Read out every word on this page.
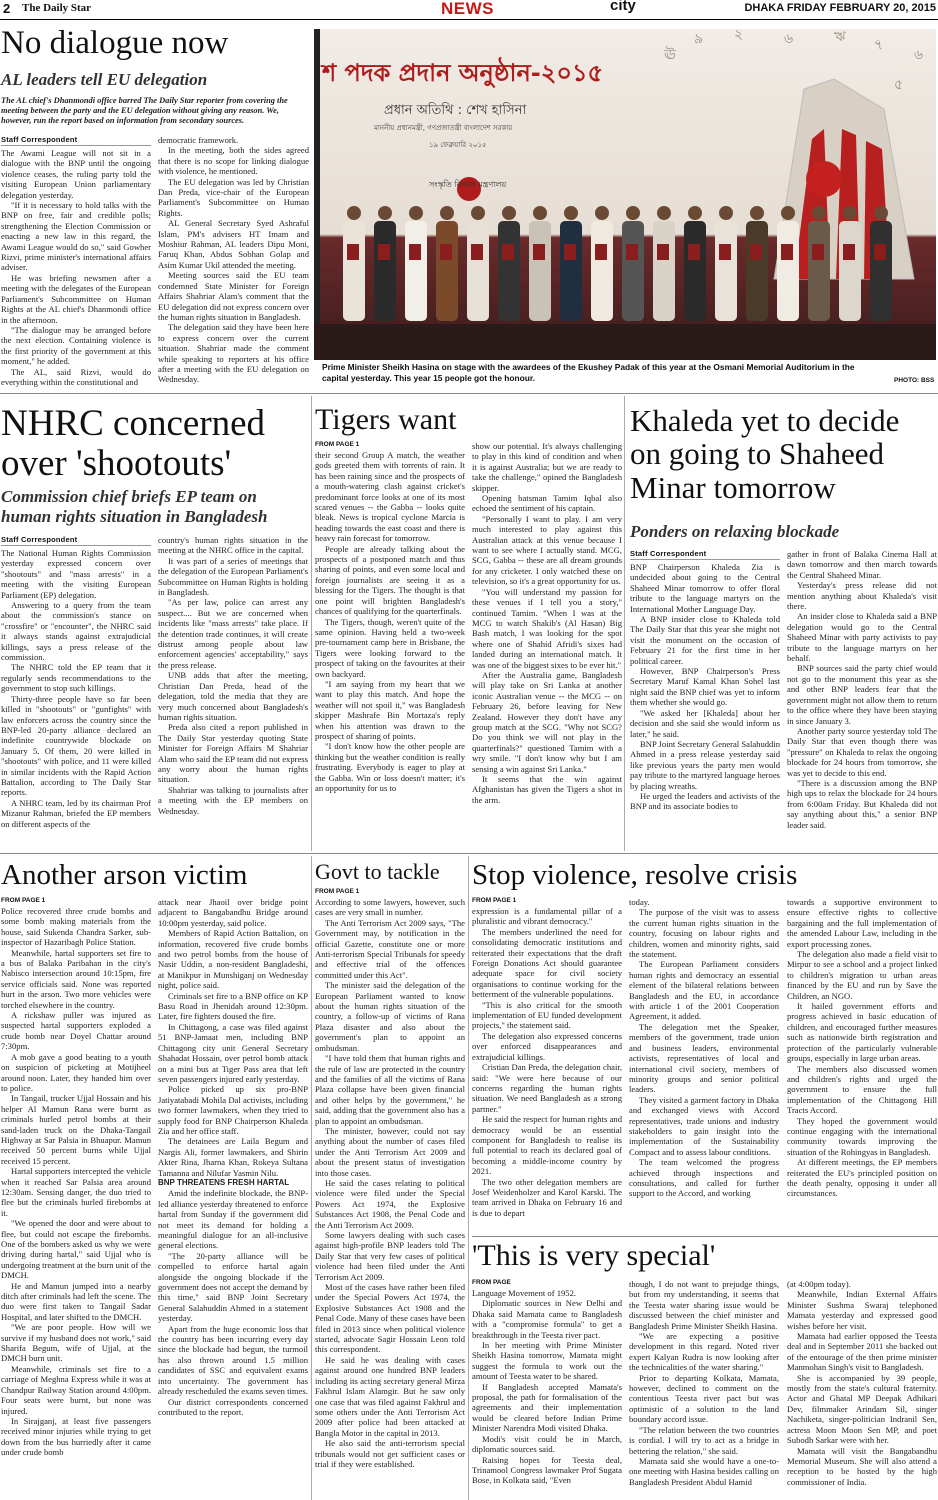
2 The Daily Star	NEWS	city	DHAKA FRIDAY FEBRUARY 20, 2015
No dialogue now
AL leaders tell EU delegation
The AL chief's Dhanmondi office barred The Daily Star reporter from covering the meeting between the party and the EU delegation without giving any reason. We, however, run the report based on information from secondary sources.
Staff Correspondent

The Awami League will not sit in a dialogue with the BNP until the ongoing violence ceases, the ruling party told the visiting European Union parliamentary delegation yesterday.

"If it is necessary to hold talks with the BNP on free, fair and credible polls; strengthening the Election Commission or enacting a new law in this regard, the Awami League would do so," said Gowher Rizvi, prime minister's international affairs adviser.

He was briefing newsmen after a meeting with the delegates of the European Parliament's Subcommittee on Human Rights at the AL chief's Dhanmondi office in the afternoon.

"The dialogue may be arranged before the next election. Containing violence is the first priority of the government at this moment," he added.

The AL, said Rizvi, would do everything within the constitutional and

democratic framework.

In the meeting, both the sides agreed that there is no scope for linking dialogue with violence, he mentioned.

The EU delegation was led by Christian Dan Preda, vice-chair of the European Parliament's Subcommittee on Human Rights.

AL General Secretary Syed Ashraful Islam, PM's advisers HT Imam and Moshiur Rahman, AL leaders Dipu Moni, Faruq Khan, Abdus Sobhan Golap and Asim Kumar Ukil attended the meeting.

Meeting sources said the EU team condemned State Minister for Foreign Affairs Shahriar Alam's comment that the EU delegation did not express concern over the human rights situation in Bangladesh.

The delegation said they have been here to express concern over the current situation. Shahriar made the comment while speaking to reporters at his office after a meeting with the EU delegation on Wednesday.

৯ ২	৬	ঋ ৭
৬
৫
ঊ
শ পদক প্রদান অনুষ্ঠান-২০১৫
প্রধান অতিথি : শেখ হাসিনা
মাননীয় প্রধানমন্ত্রী, গণপ্রজাতন্ত্রী বাংলাদেশ সরকার
১৯ ফেব্রুয়ারি ২০১৫
সংস্কৃতি বিষয়ক মন্ত্রণালয়
Prime Minister Sheikh Hasina on stage with the awardees of the Ekushey Padak of this year at the Osmani Memorial Auditorium in the capital yesterday. This year 15 people got the honour.	PHOTO: BSS
NHRC concerned over 'shootouts'
Commission chief briefs EP team on human rights situation in Bangladesh
Staff Correspondent

The National Human Rights Commission yesterday expressed concern over "shootouts" and "mass arrests" in a meeting with the visiting European Parliament (EP) delegation.

Answering to a query from the team about the commission's stance on "crossfire" or "encounter", the NHRC said it always stands against extrajudicial killings, says a press release of the commission.

The NHRC told the EP team that it regularly sends recommendations to the government to stop such killings.

Thirty-three people have so far been killed in "shootouts" or "gunfights" with law enforcers across the country since the BNP-led 20-party alliance declared an indefinite countrywide blockade on January 5. Of them, 20 were killed in "shootouts" with police, and 11 were killed in similar incidents with the Rapid Action Battalion, according to The Daily Star reports.

A NHRC team, led by its chairman Prof Mizanur Rahman, briefed the EP members on different aspects of the

country's human rights situation in the meeting at the NHRC office in the capital.

It was part of a series of meetings that the delegation of the European Parliament's Subcommittee on Human Rights is holding in Bangladesh.

"As per law, police can arrest any suspect.... But we are concerned when incidents like "mass arrests" take place. If the detention trade continues, it will create distrust among people about law enforcement agencies' acceptability," says the press release.

UNB adds that after the meeting, Christian Dan Preda, head of the delegation, told the media that they are very much concerned about Bangladesh's human rights situation.

Preda also cited a report published in The Daily Star yesterday quoting State Minister for Foreign Affairs M Shahriar Alam who said the EP team did not express any worry about the human rights situation.

Shahriar was talking to journalists after a meeting with the EP members on Wednesday.

Tigers want
FROM PAGE 1

their second Group A match, the weather gods greeted them with torrents of rain. It has been raining since and the prospects of a mouth-watering clash against cricket's predominant force looks at one of its most scared venues -- the Gabba -- looks quite bleak. News is tropical cyclone Marcia is heading towards the east coast and there is heavy rain forecast for tomorrow.

People are already talking about the prospects of a postponed match and thus sharing of points, and even some local and foreign journalists are seeing it as a blessing for the Tigers. The thought is that one point will brighten Bangladesh's chances of qualifying for the quarterfinals.

The Tigers, though, weren't quite of the same opinion. Having held a two-week pre-tournament camp here in Brisbane, the Tigers were looking forward to the prospect of taking on the favourites at their own backyard.

"I am saying from my heart that we want to play this match. And hope the weather will not spoil it," was Bangladesh skipper Mashrafe Bin Mortaza's reply when his attention was drawn to the prospect of sharing of points.

"I don't know how the other people are thinking but the weather condition is really frustrating. Everybody is eager to play at the Gabba. Win or loss doesn't matter; it's an opportunity for us to

show our potential. It's always challenging to play in this kind of condition and when it is against Australia; but we are ready to take the challenge," opined the Bangladesh skipper.

Opening batsman Tamim Iqbal also echoed the sentiment of his captain.

"Personally I want to play. I am very much interested to play against this Australian attack at this venue because I want to see where I actually stand. MCG, SCG, Gabba -- these are all dream grounds for any cricketer. I only watched these on television, so it's a great opportunity for us.

"You will understand my passion for these venues if I tell you a story," continued Tamim. "When I was at the MCG to watch Shakib's (Al Hasan) Big Bash match, I was looking for the spot where one of Shahid Afridi's sixes had landed during an international match. It was one of the biggest sixes to be ever hit."

After the Australia game, Bangladesh will play take on Sri Lanka at another iconic Australian venue -- the MCG -- on February 26, before leaving for New Zealand. However they don't have any group match at the SCG. "Why not SCG? Do you think we will not play in the quarterfinals?" questioned Tamim with a wry smile. "I don't know why but I am sensing a win against Sri Lanka."

It seems that the win against Afghanistan has given the Tigers a shot in the arm.

Khaleda yet to decide on going to Shaheed Minar tomorrow
Ponders on relaxing blockade
Staff Correspondent

BNP Chairperson Khaleda Zia is undecided about going to the Central Shaheed Minar tomorrow to offer floral tribute to the language martyrs on the International Mother Language Day.

A BNP insider close to Khaleda told The Daily Star that this year she might not visit the monument on the occasion of February 21 for the first time in her political career.

However, BNP Chairperson's Press Secretary Maruf Kamal Khan Sohel last night said the BNP chief was yet to inform them whether she would go.

"We asked her [Khaleda] about her decision and she said she would inform us later," he said.

BNP Joint Secretary General Salahuddin Ahmed in a press release yesterday said like previous years the party men would pay tribute to the martyred language heroes by placing wreaths.

He urged the leaders and activists of the BNP and its associate bodies to

gather in front of Balaka Cinema Hall at dawn tomorrow and then march towards the Central Shaheed Minar.

Yesterday's press release did not mention anything about Khaleda's visit there.

An insider close to Khaleda said a BNP delegation would go to the Central Shaheed Minar with party activists to pay tribute to the language martyrs on her behalf.

BNP sources said the party chief would not go to the monument this year as she and other BNP leaders fear that the government might not allow them to return to the office where they have been staying in since January 3.

Another party source yesterday told The Daily Star that even though there was "pressure" on Khaleda to relax the ongoing blockade for 24 hours from tomorrow, she was yet to decide to this end.

"There is a discussion among the BNP high ups to relax the blockade for 24 hours from 6:00am Friday. But Khaleda did not say anything about this," a senior BNP leader said.

Another arson victim
FROM PAGE 1

Police recovered three crude bombs and some bomb making materials from the house, said Sukenda Chandra Sarker, sub-inspector of Hazaribagh Police Station.

Meanwhile, hartal supporters set fire to a bus of Balaka Paribahan in the city's Nabisco intersection around 10:15pm, fire service officials said. None was reported hurt in the arson. Two more vehicles were torched elsewhere in the country.

A rickshaw puller was injured as suspected hartal supporters exploded a crude bomb near Doyel Chattar around 7:30pm.

A mob gave a good beating to a youth on suspicion of picketing at Motijheel around noon. Later, they handed him over to police.

In Tangail, trucker Ujjal Hossain and his helper Al Mamun Rana were burnt as criminals hurled petrol bombs at their sand-laden truck on the Dhaka-Tangail Highway at Sar Palsia in Bhuapur. Mamun received 50 percent burns while Ujjal received 15 percent.

Hartal supporters intercepted the vehicle when it reached Sar Palsia area around 12:30am. Sensing danger, the duo tried to flee but the criminals hurled firebombs at it.

"We opened the door and were about to flee, but could not escape the firebombs. One of the bombers asked us why we were driving during hartal," said Ujjal who is undergoing treatment at the burn unit of the DMCH.

He and Mamun jumped into a nearby ditch after criminals had left the scene. The duo were first taken to Tangail Sadar Hospital, and later shifted to the DMCH.

"We are poor people. How will we survive if my husband does not work," said Sharifa Begum, wife of Ujjal, at the DMCH burn unit.

Meanwhile, criminals set fire to a carriage of Meghna Express while it was at Chandpur Railway Station around 4:00pm. Four seats were burnt, but none was injured.

In Sirajganj, at least five passengers received minor injuries while trying to get down from the bus hurriedly after it came under crude bomb

attack near Jhaoil over bridge point adjacent to Bangabandhu Bridge around 10:00pm yesterday, said police.

Members of Rapid Action Battalion, on information, recovered five crude bombs and two petrol bombs from the house of Nasir Uddin, a non-resident Bangladeshi, at Manikpur in Munshiganj on Wednesday night, police said.

Criminals set fire to a BNP office on KP Basu Road in Jhenidah around 12:30pm. Later, fire fighters doused the fire.

In Chittagong, a case was filed against 51 BNP-Jamaat men, including BNP Chittagong city unit General Secretary Shahadat Hossain, over petrol bomb attack on a mini bus at Tiger Pass area that left seven passengers injured early yesterday.

Police picked up six pro-BNP Jatiyatabadi Mohila Dal activists, including two former lawmakers, when they tried to supply food for BNP Chairperson Khaleda Zia and her office staff.

The detainees are Laila Begum and Nargis Ali, former lawmakers, and Shirin Akter Rina, Jharna Khan, Rokeya Sultana Tamanna and Nilufar Yasmin Nilu.

BNP THREATENS FRESH HARTAL

Amid the indefinite blockade, the BNP-led alliance yesterday threatened to enforce hartal from Sunday if the government did not meet its demand for holding a meaningful dialogue for an all-inclusive general elections.

"The 20-party alliance will be compelled to enforce hartal again alongside the ongoing blockade if the government does not accept the demand by this time," said BNP Joint Secretary General Salahuddin Ahmed in a statement yesterday.

Apart from the huge economic loss that the country has been incurring every day since the blockade had begun, the turmoil has also thrown around 1.5 million candidates of SSC and equivalent exams into uncertainty. The government has already rescheduled the exams seven times.

Our district correspondents concerned contributed to the report.

Govt to tackle
FROM PAGE 1

According to some lawyers, however, such cases are very small in number.

The Anti Terrorism Act 2009 says, "The Government may, by notification in the official Gazette, constitute one or more Anti-terrorism Special Tribunals for speedy and effective trial of the offences committed under this Act".

The minister said the delegation of the European Parliament wanted to know about the human rights situation of the country, a follow-up of victims of Rana Plaza disaster and also about the government's plan to appoint an ombudsman.

"I have told them that human rights and the rule of law are protected in the country and the families of all the victims of Rana Plaza collapse have been given financial and other helps by the government," he said, adding that the government also has a plan to appoint an ombudsman.

The minister, however, could not say anything about the number of cases filed under the Anti Terrorism Act 2009 and about the present status of investigation into those cases.

He said the cases relating to political violence were filed under the Special Powers Act 1974, the Explosive Substances Act 1908, the Penal Code and the Anti Terrorism Act 2009.

Some lawyers dealing with such cases against high-profile BNP leaders told The Daily Star that very few cases of political violence had been filed under the Anti Terrorism Act 2009.

Most of the cases have rather been filed under the Special Powers Act 1974, the Explosive Substances Act 1908 and the Penal Code. Many of these cases have been filed in 2013 since when political violence started, advocate Sagir Hossain Leon told this correspondent.

He said he was dealing with cases against around one hundred BNP leaders including its acting secretary general Mirza Fakhrul Islam Alamgir. But he saw only one case that was filed against Fakhrul and some others under the Anti Terrorism Act 2009 after police had been attacked at Bangla Motor in the capital in 2013.

He also said the anti-terrorism special tribunals would not get sufficient cases or trial if they were established.

Stop violence, resolve crisis
FROM PAGE 1

expression is a fundamental pillar of a pluralistic and vibrant democracy."

The members underlined the need for consolidating democratic institutions and reiterated their expectations that the draft Foreign Donations Act should guarantee adequate space for civil society organisations to continue working for the betterment of the vulnerable populations.

"This is also critical for the smooth implementation of EU funded development projects," the statement said.

The delegation also expressed concerns over enforced disappearances and extrajudicial killings.

Cristian Dan Preda, the delegation chair, said: "We were here because of our concerns regarding the human rights situation. We need Bangladesh as a strong partner."

He said the respect for human rights and democracy would be an essential component for Bangladesh to realise its full potential to reach its declared goal of becoming a middle-income country by 2021.

The two other delegation members are Josef Weidenholzer and Karol Karski. The team arrived in Dhaka on February 16 and is due to depart

today.

The purpose of the visit was to assess the current human rights situation in the country, focusing on labour rights and children, women and minority rights, said the statement.

The European Parliament considers human rights and democracy an essential element of the bilateral relations between Bangladesh and the EU, in accordance with article 1 of the 2001 Cooperation Agreement, it added.

The delegation met the Speaker, members of the government, trade union and business leaders, environmental activists, representatives of local and international civil society, members of minority groups and senior political leaders.

They visited a garment factory in Dhaka and exchanged views with Accord representatives, trade unions and industry stakeholders to gain insight into the implementation of the Sustainability Compact and to assess labour conditions.

The team welcomed the progress achieved through inspections and consultations, and called for further support to the Accord, and working

towards a supportive environment to ensure effective rights to collective bargaining and the full implementation of the amended Labour Law, including in the export processing zones.

The delegation also made a field visit to Mirpur to see a school and a project linked to children's migration to urban areas financed by the EU and run by Save the Children, an NGO.

It hailed government efforts and progress achieved in basic education of children, and encouraged further measures such as nationwide birth registration and protection of the particularly vulnerable groups, especially in large urban areas.

The members also discussed women and children's rights and urged the government to ensure the full implementation of the Chittagong Hill Tracts Accord.

They hoped the government would continue engaging with the international community towards improving the situation of the Rohingyas in Bangladesh.

At different meetings, the EP members reiterated the EU's principled position on the death penalty, opposing it under all circumstances.

'This is very special'
FROM PAGE

Language Movement of 1952.

Diplomatic sources in New Delhi and Dhaka said Mamata came to Bangladesh with a "compromise formula" to get a breakthrough in the Teesta river pact.

In her meeting with Prime Minister Sheikh Hasina tomorrow, Mamata might suggest the formula to work out the amount of Teesta water to be shared.

If Bangladesh accepted Mamata's proposal, the path for formalisation of the agreements and their implementation would be cleared before Indian Prime Minister Narendra Modi visited Dhaka.

Modi's visit could be in March, diplomatic sources said.

Raising hopes for Teesta deal, Trinamool Congress lawmaker Prof Sugata Bose, in Kolkata said, "Even

though, I do not want to prejudge things, but from my understanding, it seems that the Teesta water sharing issue would be discussed between the chief minister and Bangladesh Prime Minister Sheikh Hasina.

"We are expecting a positive development in this regard. Noted river expert Kalyan Rudra is now looking after the technicalities of the water sharing."

Prior to departing Kolkata, Mamata, however, declined to comment on the contentious Teesta river pact but was optimistic of a solution to the land boundary accord issue.

"The relation between the two countries is cordial. I will try to act as a bridge in bettering the relation," she said.

Mamata said she would have a one-to-one meeting with Hasina besides calling on Bangladesh President Abdul Hamid

(at 4:00pm today).

Meanwhile, Indian External Affairs Minister Sushma Swaraj telephoned Mamata yesterday and expressed good wishes before her visit.

Mamata had earlier opposed the Teesta deal and in September 2011 she backed out of the entourage of the then prime minister Manmohan Singh's visit to Bangladesh.

She is accompanied by 39 people, mostly from the state's cultural fraternity. Actor and Ghatal MP Deepak Adhikari Dev, filmmaker Arindam Sil, singer Nachiketa, singer-politician Indranil Sen, actress Moon Moon Sen MP, and poet Subodh Sarkar were with her.

Mamata will visit the Bangabandhu Memorial Museum. She will also attend a reception to be hosted by the high commissioner of India.
